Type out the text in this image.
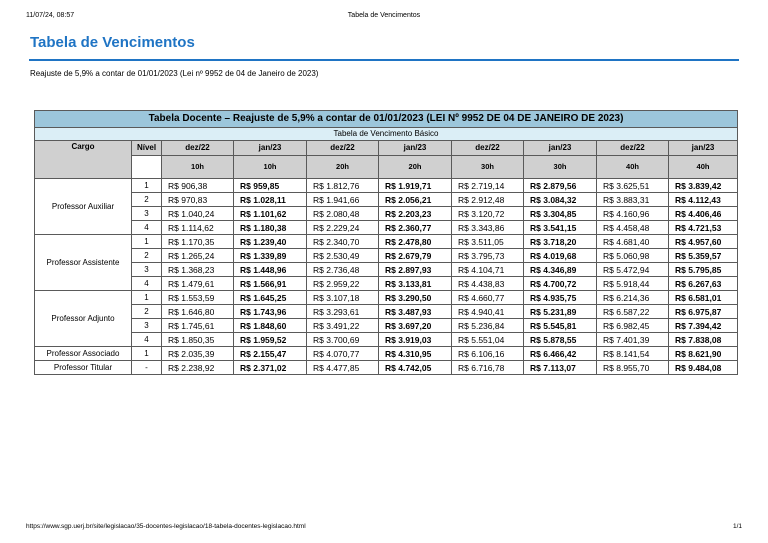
11/07/24, 08:57	Tabela de Vencimentos
Tabela de Vencimentos
Reajuste de 5,9% a contar de 01/01/2023 (Lei nº 9952 de 04 de Janeiro de 2023)
Tabela Docente – Reajuste de 5,9% a contar de 01/01/2023 (LEI Nº 9952 DE 04 DE JANEIRO DE 2023)									
Tabela de Vencimento Básico									
Cargo	Nível	dez/22	jan/23	dez/22	jan/23	dez/22	jan/23	dez/22	jan/23
		10h	10h	20h	20h	30h	30h	40h	40h
Professor Auxiliar	1	R$ 906,38	R$ 959,85	R$ 1.812,76	R$ 1.919,71	R$ 2.719,14	R$ 2.879,56	R$ 3.625,51	R$ 3.839,42
	2	R$ 970,83	R$ 1.028,11	R$ 1.941,66	R$ 2.056,21	R$ 2.912,48	R$ 3.084,32	R$ 3.883,31	R$ 4.112,43
	3	R$ 1.040,24	R$ 1.101,62	R$ 2.080,48	R$ 2.203,23	R$ 3.120,72	R$ 3.304,85	R$ 4.160,96	R$ 4.406,46
	4	R$ 1.114,62	R$ 1.180,38	R$ 2.229,24	R$ 2.360,77	R$ 3.343,86	R$ 3.541,15	R$ 4.458,48	R$ 4.721,53
Professor Assistente	1	R$ 1.170,35	R$ 1.239,40	R$ 2.340,70	R$ 2.478,80	R$ 3.511,05	R$ 3.718,20	R$ 4.681,40	R$ 4.957,60
	2	R$ 1.265,24	R$ 1.339,89	R$ 2.530,49	R$ 2.679,79	R$ 3.795,73	R$ 4.019,68	R$ 5.060,98	R$ 5.359,57
	3	R$ 1.368,23	R$ 1.448,96	R$ 2.736,48	R$ 2.897,93	R$ 4.104,71	R$ 4.346,89	R$ 5.472,94	R$ 5.795,85
	4	R$ 1.479,61	R$ 1.566,91	R$ 2.959,22	R$ 3.133,81	R$ 4.438,83	R$ 4.700,72	R$ 5.918,44	R$ 6.267,63
Professor Adjunto	1	R$ 1.553,59	R$ 1.645,25	R$ 3.107,18	R$ 3.290,50	R$ 4.660,77	R$ 4.935,75	R$ 6.214,36	R$ 6.581,01
	2	R$ 1.646,80	R$ 1.743,96	R$ 3.293,61	R$ 3.487,93	R$ 4.940,41	R$ 5.231,89	R$ 6.587,22	R$ 6.975,87
	3	R$ 1.745,61	R$ 1.848,60	R$ 3.491,22	R$ 3.697,20	R$ 5.236,84	R$ 5.545,81	R$ 6.982,45	R$ 7.394,42
	4	R$ 1.850,35	R$ 1.959,52	R$ 3.700,69	R$ 3.919,03	R$ 5.551,04	R$ 5.878,55	R$ 7.401,39	R$ 7.838,08
Professor Associado	1	R$ 2.035,39	R$ 2.155,47	R$ 4.070,77	R$ 4.310,95	R$ 6.106,16	R$ 6.466,42	R$ 8.141,54	R$ 8.621,90
Professor Titular	-	R$ 2.238,92	R$ 2.371,02	R$ 4.477,85	R$ 4.742,05	R$ 6.716,78	R$ 7.113,07	R$ 8.955,70	R$ 9.484,08
https://www.sgp.uerj.br/site/legislacao/35-docentes-legislacao/18-tabela-docentes-legislacao.html	1/1
